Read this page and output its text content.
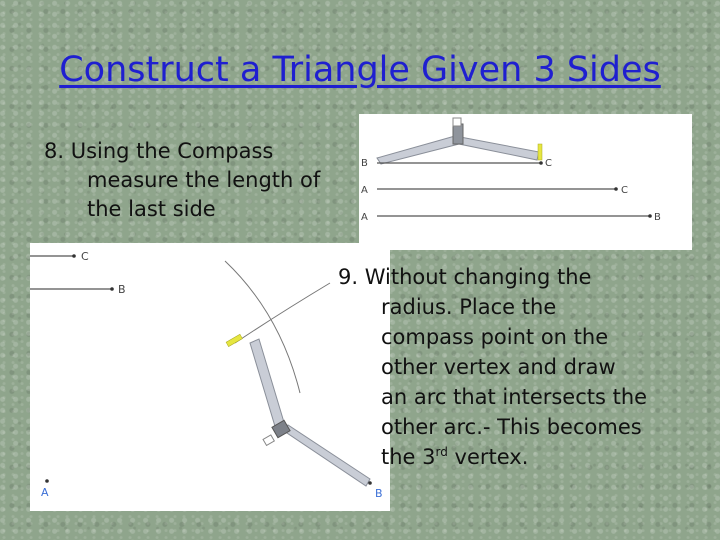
Construct a Triangle Given 3 Sides
8. Using the Compass
measure the length of
the last side
B	C
A	C
A	B
C
B
A	B
9. Without changing the
radius. Place the
compass point on the
other vertex and draw
an arc that intersects the
other arc.- This becomes
the 3rd vertex.
